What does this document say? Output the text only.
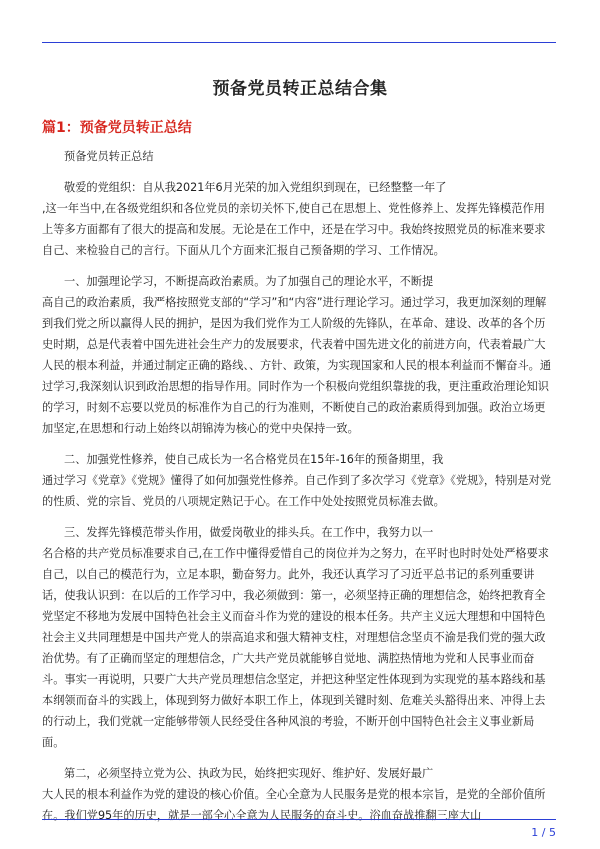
预备党员转正总结合集
篇1：预备党员转正总结

预备党员转正总结

敬爱的党组织：自从我2021年6月光荣的加入党组织到现在，已经整整一年了

,这一年当中,在各级党组织和各位党员的亲切关怀下,使自己在思想上、党性修养上、发挥先锋模范作用上等多方面都有了很大的提高和发展。无论是在工作中，还是在学习中。我始终按照党员的标准来要求自己、来检验自己的言行。下面从几个方面来汇报自己预备期的学习、工作情况。

一、加强理论学习，不断提高政治素质。为了加强自己的理论水平，不断提

高自己的政治素质，我严格按照党支部的“学习”和“内容”进行理论学习。通过学习，我更加深刻的理解到我们党之所以赢得人民的拥护，是因为我们党作为工人阶级的先锋队，在革命、建设、改革的各个历史时期，总是代表着中国先进社会生产力的发展要求，代表着中国先进文化的前进方向，代表着最广大人民的根本利益，并通过制定正确的路线、、方针、政策，为实现国家和人民的根本利益而不懈奋斗。通过学习,我深刻认识到政治思想的指导作用。同时作为一个积极向党组织靠拢的我，更注重政治理论知识的学习，时刻不忘要以党员的标准作为自己的行为准则，不断使自己的政治素质得到加强。政治立场更加坚定,在思想和行动上始终以胡锦涛为核心的党中央保持一致。

二、加强党性修养，使自己成长为一名合格党员在15年-16年的预备期里，我

通过学习《党章》《党规》懂得了如何加强党性修养。自己作到了多次学习《党章》《党规》，特别是对党的性质、党的宗旨、党员的八项规定熟记于心。在工作中处处按照党员标准去做。

三、发挥先锋模范带头作用，做爱岗敬业的排头兵。在工作中，我努力以一

名合格的共产党员标准要求自己,在工作中懂得爱惜自己的岗位并为之努力，在平时也时时处处严格要求自己，以自己的模范行为，立足本职，勤奋努力。此外，我还认真学习了习近平总书记的系列重要讲话，使我认识到：在以后的工作学习中，我必须做到：第一，必须坚持正确的理想信念，始终把教育全党坚定不移地为发展中国特色社会主义而奋斗作为党的建设的根本任务。共产主义远大理想和中国特色社会主义共同理想是中国共产党人的崇高追求和强大精神支柱，对理想信念坚贞不渝是我们党的强大政治优势。有了正确而坚定的理想信念，广大共产党员就能够自觉地、满腔热情地为党和人民事业而奋斗。事实一再说明，只要广大共产党员理想信念坚定，并把这种坚定性体现到为实现党的基本路线和基本纲领而奋斗的实践上，体现到努力做好本职工作上，体现到关键时刻、危难关头豁得出来、冲得上去的行动上，我们党就一定能够带领人民经受住各种风浪的考验，不断开创中国特色社会主义事业新局面。

第二，必须坚持立党为公、执政为民，始终把实现好、维护好、发展好最广

大人民的根本利益作为党的建设的核心价值。全心全意为人民服务是党的根本宗旨，是党的全部价值所在。我们党95年的历史，就是一部全心全意为人民服务的奋斗史。浴血奋战推翻三座大山

1 / 5
